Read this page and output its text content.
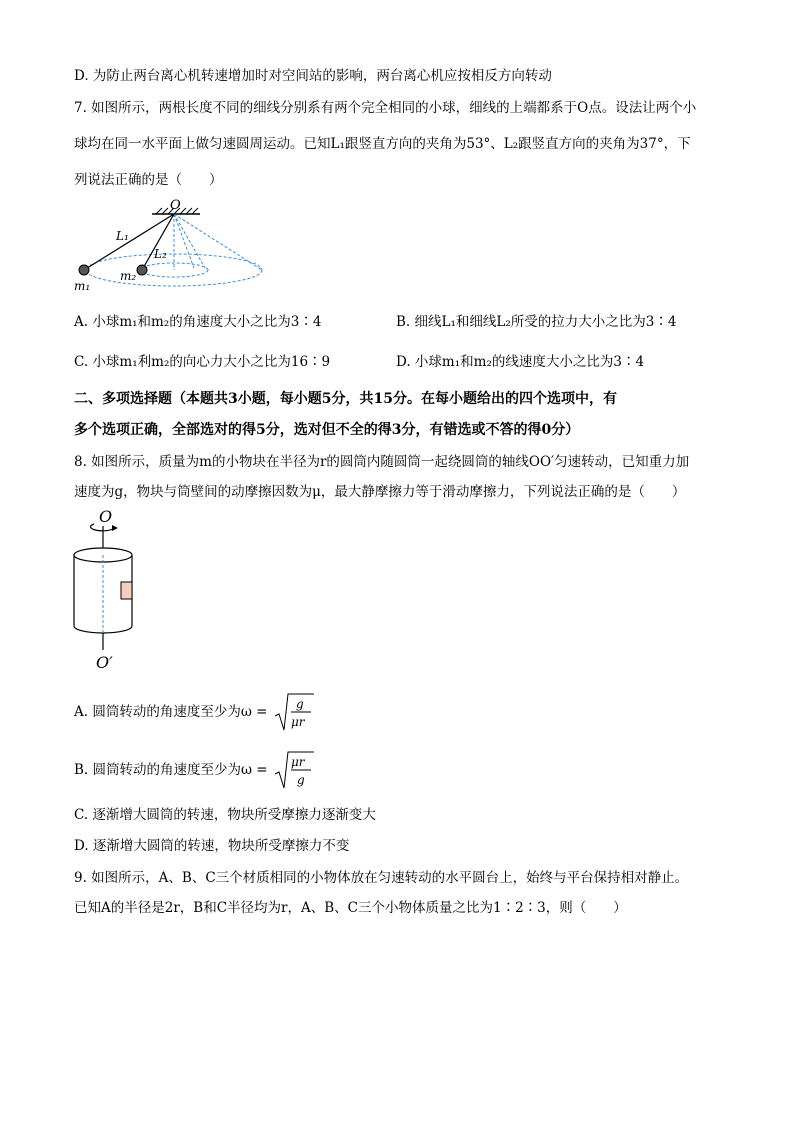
D. 为防止两台离心机转速增加时对空间站的影响，两台离心机应按相反方向转动
7. 如图所示，两根长度不同的细线分别系有两个完全相同的小球，细线的上端都系于O点。设法让两个小
球均在同一水平面上做匀速圆周运动。已知L₁跟竖直方向的夹角为53°、L₂跟竖直方向的夹角为37°，下
列说法正确的是（　　）
O
L₁
L₂
m₁
m₂
A. 小球m₁和m₂的角速度大小之比为3∶4	B. 细线L₁和细线L₂所受的拉力大小之比为3∶4
C. 小球m₁利m₂的向心力大小之比为16∶9	D. 小球m₁和m₂的线速度大小之比为3∶4
二、多项选择题（本题共3小题，每小题5分，共15分。在每小题给出的四个选项中，有
多个选项正确，全部选对的得5分，选对但不全的得3分，有错选或不答的得0分）
8. 如图所示，质量为m的小物块在半径为r的圆筒内随圆筒一起绕圆筒的轴线OO′匀速转动，已知重力加
速度为g，物块与筒壁间的动摩擦因数为μ，最大静摩擦力等于滑动摩擦力，下列说法正确的是（　　）
O
O′
A. 圆筒转动的角速度至少为ω = g
μr
B. 圆筒转动的角速度至少为ω = μr
g
C. 逐渐增大圆筒的转速，物块所受摩擦力逐渐变大
D. 逐渐增大圆筒的转速，物块所受摩擦力不变
9. 如图所示，A、B、C三个材质相同的小物体放在匀速转动的水平圆台上，始终与平台保持相对静止。
已知A的半径是2r，B和C半径均为r，A、B、C三个小物体质量之比为1∶2∶3，则（　　）
